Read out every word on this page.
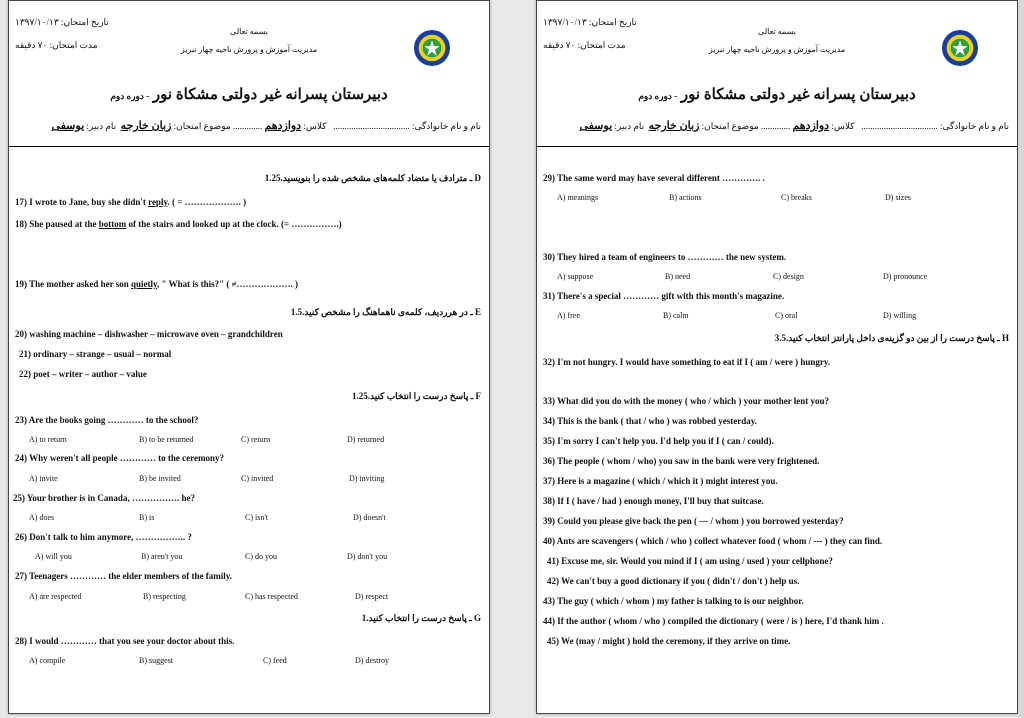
تاریخ امتحان: ۱۳۹۷/۱۰/۱۳
مدت امتحان: ۷۰ دقیقه
بسمه تعالی
مدیریت آموزش و پرورش ناحیه چهار تبریز
دبیرستان پسرانه غیر دولتی مشکاة نور - دوره دوم
نام و نام خانوادگی: ..................................   کلاس: دوازدهم ............. موضوع امتحان: زبان خارجه  نام دبیر: یوسفی
D ـ مترادف یا متضاد کلمه‌های مشخص شده را بنویسید.1.25
17) I wrote to Jane, buy she didn't reply. ( = ………………. )
18) She paused at the bottom of the stairs and looked up at the clock. (= …………….)
19) The mother asked her son quietly, " What is this?" ( ≠………………. )
E ـ در هرردیف، کلمه‌ی ناهماهنگ را مشخص کنید.1.5
20) washing machine – dishwasher – microwave oven – grandchildren
21) ordinary – strange – usual – normal
22) poet – writer – author – value
F ـ پاسخ درست را انتخاب کنید.1.25
23) Are the books going ………… to the school?
A) to return	B) to be returned	C) return	D) returned
24) Why weren't all people ………… to the ceremony?
A) invite	B) be invited	C) invited	D) inviting
25) Your brother is in Canada, ……………. he?
A) does	B) is	C) isn't	D) doesn't
26) Don't talk to him anymore, …………….. ?
A) will you	B) aren't you	C) do you	D) don't you
27) Teenagers ………… the elder members of the family.
A) are respected	B) respecting	C) has respected	D) respect
G ـ پاسخ درست را انتخاب کنید.1
28) I would ………… that you see your doctor about this.
A) compile	B) suggest	C) feed	D) destroy
تاریخ امتحان: ۱۳۹۷/۱۰/۱۳
مدت امتحان: ۷۰ دقیقه
بسمه تعالی
مدیریت آموزش و پرورش ناحیه چهار تبریز
دبیرستان پسرانه غیر دولتی مشکاة نور - دوره دوم
نام و نام خانوادگی: ..................................   کلاس: دوازدهم ............. موضوع امتحان: زبان خارجه  نام دبیر: یوسفی
29) The same word may have several different …………. .
A) meanings	B) actions	C) breaks	D) sizes
30) They hired a team of engineers to ………… the new system.
A) suppose	B) need	C) design	D) pronounce
31) There's a special ………… gift with this month's magazine.
A) free	B) calm	C) oral	D) willing
H ـ پاسخ درست را از بین دو گزینه‌ی داخل پارانتز انتخاب کنید.3.5
32) I'm not hungry. I would have something to eat if I ( am / were ) hungry.
33) What did you do with the money ( who / which ) your mother lent you?
34) This is the bank ( that / who ) was robbed yesterday.
35) I'm sorry I can't help you. I'd help you if I ( can / could).
36) The people ( whom / who) you saw in the bank were very frightened.
37) Here is a magazine ( which / which it ) might interest you.
38) If I ( have / had ) enough money, I'll buy that suitcase.
39) Could you please give back the pen ( --- / whom ) you borrowed yesterday?
40) Ants are scavengers ( which / who ) collect whatever food ( whom / --- ) they can find.
41) Excuse me, sir. Would you mind if I ( am using / used ) your cellphone?
42) We can't buy a good dictionary if you ( didn't / don't ) help us.
43) The guy ( which / whom ) my father is talking to is our neighbor.
44) If the author ( whom / who ) compiled the dictionary ( were / is ) here, I'd thank him .
45) We (may / might ) hold the ceremony, if they arrive on time.
